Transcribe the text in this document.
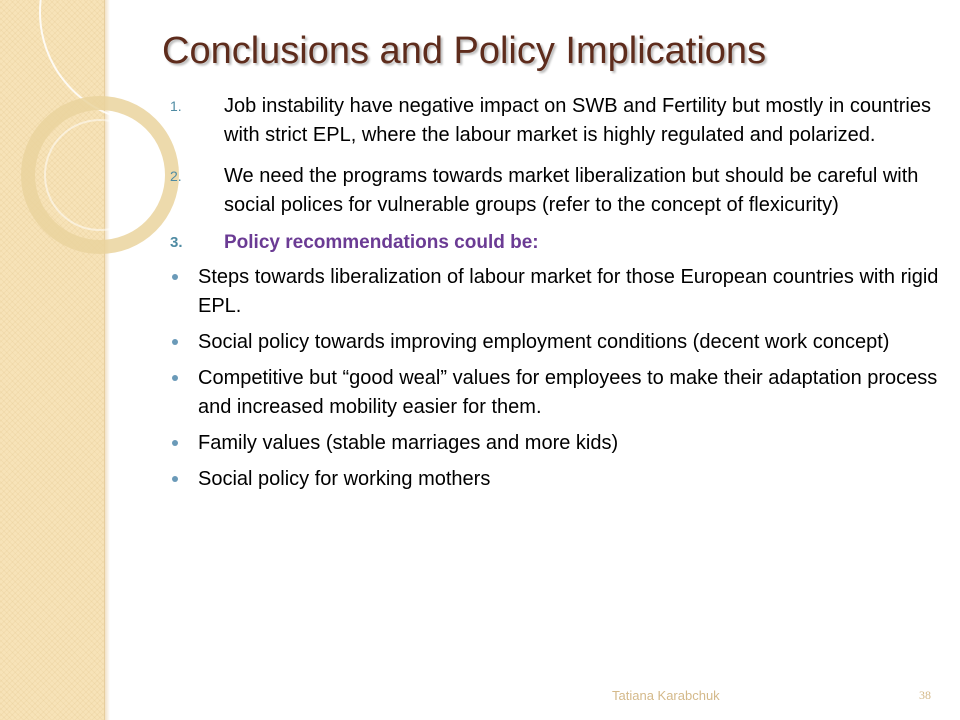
Conclusions and Policy Implications
1. Job instability have negative impact on SWB and Fertility but mostly in countries with strict EPL, where the labour market is highly regulated and polarized.
2. We need the programs towards market liberalization but should be careful with social polices for vulnerable groups (refer to the concept of flexicurity)
3. Policy recommendations could be:
Steps towards liberalization of labour market for those European countries with rigid EPL.
Social policy towards improving employment conditions (decent work concept)
Competitive but “good weal” values for employees to make their adaptation process and increased mobility easier for them.
Family values (stable marriages and more kids)
Social policy for working mothers
Tatiana Karabchuk	38
